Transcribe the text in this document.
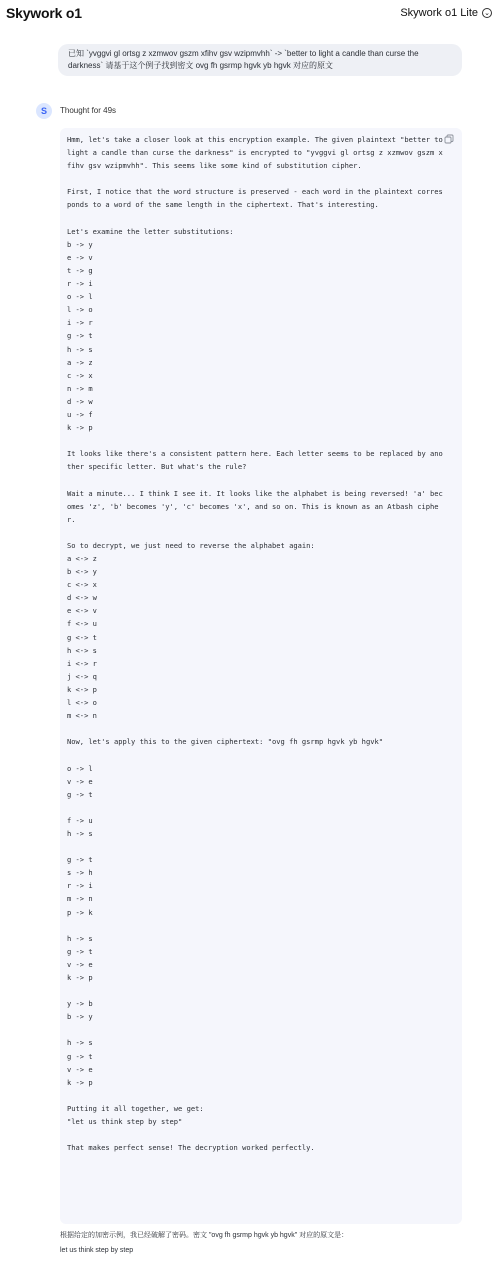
Skywork o1	Skywork o1 Lite ⌄
已知 `yvggvi gl ortsg z xzmwov gszm xfihv gsv wzipmvhh` -> `better to light a candle than curse the darkness` 请基于这个例子找到密文 ovg fh gsrmp hgvk yb hgvk 对应的原文
S	Thought for 49s
Hmm, let's take a closer look at this encryption example. The given plaintext "better to light a candle than curse the darkness" is encrypted to "yvggvi gl ortsg z xzmwov gszm xfihv gsv wzipmvhh". This seems like some kind of substitution cipher.

First, I notice that the word structure is preserved - each word in the plaintext corresponds to a word of the same length in the ciphertext. That's interesting.

Let's examine the letter substitutions:
b -> y
e -> v
t -> g
r -> i
o -> l
l -> o
i -> r
g -> t
h -> s
a -> z
c -> x
n -> m
d -> w
u -> f
k -> p

It looks like there's a consistent pattern here. Each letter seems to be replaced by another specific letter. But what's the rule?

Wait a minute... I think I see it. It looks like the alphabet is being reversed! 'a' becomes 'z', 'b' becomes 'y', 'c' becomes 'x', and so on. This is known as an Atbash cipher.

So to decrypt, we just need to reverse the alphabet again:
a <-> z
b <-> y
c <-> x
d <-> w
e <-> v
f <-> u
g <-> t
h <-> s
i <-> r
j <-> q
k <-> p
l <-> o
m <-> n

Now, let's apply this to the given ciphertext: "ovg fh gsrmp hgvk yb hgvk"

o -> l
v -> e
g -> t

f -> u
h -> s

g -> t
s -> h
r -> i
m -> n
p -> k

h -> s
g -> t
v -> e
k -> p

y -> b
b -> y

h -> s
g -> t
v -> e
k -> p

Putting it all together, we get:
"let us think step by step"

That makes perfect sense! The decryption worked perfectly.
根据给定的加密示例，我已经破解了密码。密文 "ovg fh gsrmp hgvk yb hgvk" 对应的原文是：
let us think step by step
